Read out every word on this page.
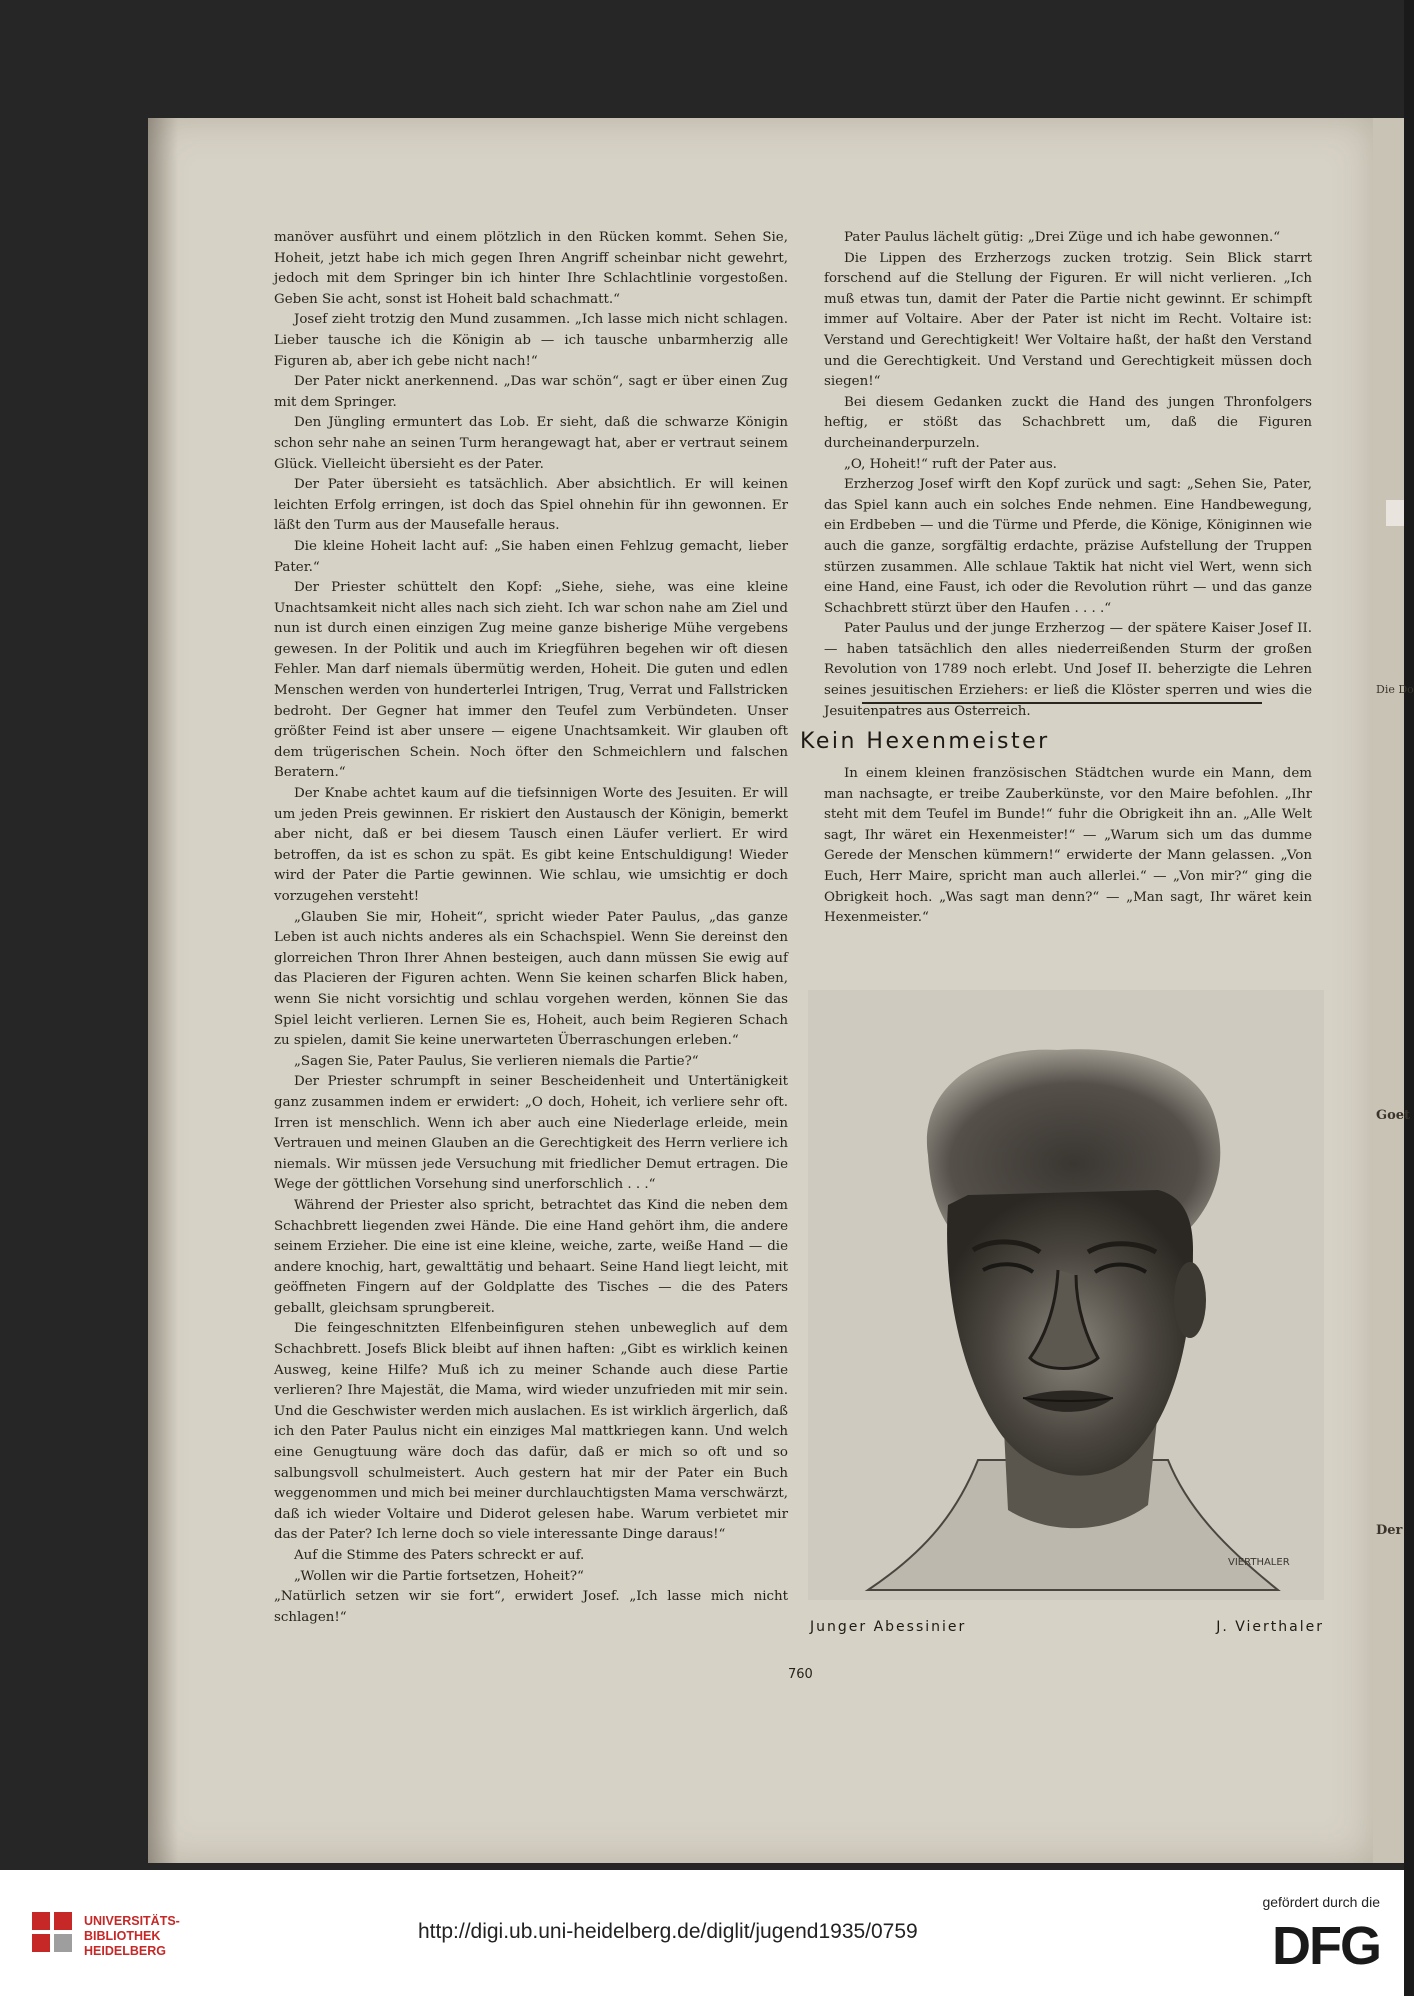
Die Do
Goet
Der

manöver ausführt und einem plötzlich in den Rücken kommt. Sehen Sie, Hoheit, jetzt habe ich mich gegen Ihren Angriff scheinbar nicht gewehrt, jedoch mit dem Springer bin ich hinter Ihre Schlachtlinie vorgestoßen. Geben Sie acht, sonst ist Hoheit bald schachmatt.“

Josef zieht trotzig den Mund zusammen. „Ich lasse mich nicht schlagen. Lieber tausche ich die Königin ab — ich tausche unbarmherzig alle Figuren ab, aber ich gebe nicht nach!“

Der Pater nickt anerkennend. „Das war schön“, sagt er über einen Zug mit dem Springer.

Den Jüngling ermuntert das Lob. Er sieht, daß die schwarze Königin schon sehr nahe an seinen Turm herangewagt hat, aber er vertraut seinem Glück. Vielleicht übersieht es der Pater.

Der Pater übersieht es tatsächlich. Aber absichtlich. Er will keinen leichten Erfolg erringen, ist doch das Spiel ohnehin für ihn gewonnen. Er läßt den Turm aus der Mausefalle heraus.

Die kleine Hoheit lacht auf: „Sie haben einen Fehlzug gemacht, lieber Pater.“

Der Priester schüttelt den Kopf: „Siehe, siehe, was eine kleine Unachtsamkeit nicht alles nach sich zieht. Ich war schon nahe am Ziel und nun ist durch einen einzigen Zug meine ganze bisherige Mühe vergebens gewesen. In der Politik und auch im Kriegführen begehen wir oft diesen Fehler. Man darf niemals übermütig werden, Hoheit. Die guten und edlen Menschen werden von hunderterlei Intrigen, Trug, Verrat und Fallstricken bedroht. Der Gegner hat immer den Teufel zum Verbündeten. Unser größter Feind ist aber unsere — eigene Unachtsamkeit. Wir glauben oft dem trügerischen Schein. Noch öfter den Schmeichlern und falschen Beratern.“

Der Knabe achtet kaum auf die tiefsinnigen Worte des Jesuiten. Er will um jeden Preis gewinnen. Er riskiert den Austausch der Königin, bemerkt aber nicht, daß er bei diesem Tausch einen Läufer verliert. Er wird betroffen, da ist es schon zu spät. Es gibt keine Entschuldigung! Wieder wird der Pater die Partie gewinnen. Wie schlau, wie umsichtig er doch vorzugehen versteht!

„Glauben Sie mir, Hoheit“, spricht wieder Pater Paulus, „das ganze Leben ist auch nichts anderes als ein Schachspiel. Wenn Sie dereinst den glorreichen Thron Ihrer Ahnen besteigen, auch dann müssen Sie ewig auf das Placieren der Figuren achten. Wenn Sie keinen scharfen Blick haben, wenn Sie nicht vorsichtig und schlau vorgehen werden, können Sie das Spiel leicht verlieren. Lernen Sie es, Hoheit, auch beim Regieren Schach zu spielen, damit Sie keine unerwarteten Überraschungen erleben.“

„Sagen Sie, Pater Paulus, Sie verlieren niemals die Partie?“

Der Priester schrumpft in seiner Bescheidenheit und Untertänigkeit ganz zusammen indem er erwidert: „O doch, Hoheit, ich verliere sehr oft. Irren ist menschlich. Wenn ich aber auch eine Niederlage erleide, mein Vertrauen und meinen Glauben an die Gerechtigkeit des Herrn verliere ich niemals. Wir müssen jede Versuchung mit friedlicher Demut ertragen. Die Wege der göttlichen Vorsehung sind unerforschlich . . .“

Während der Priester also spricht, betrachtet das Kind die neben dem Schachbrett liegenden zwei Hände. Die eine Hand gehört ihm, die andere seinem Erzieher. Die eine ist eine kleine, weiche, zarte, weiße Hand — die andere knochig, hart, gewalttätig und behaart. Seine Hand liegt leicht, mit geöffneten Fingern auf der Goldplatte des Tisches — die des Paters geballt, gleichsam sprungbereit.

Die feingeschnitzten Elfenbeinfiguren stehen unbeweglich auf dem Schachbrett. Josefs Blick bleibt auf ihnen haften: „Gibt es wirklich keinen Ausweg, keine Hilfe? Muß ich zu meiner Schande auch diese Partie verlieren? Ihre Majestät, die Mama, wird wieder unzufrieden mit mir sein. Und die Geschwister werden mich auslachen. Es ist wirklich ärgerlich, daß ich den Pater Paulus nicht ein einziges Mal mattkriegen kann. Und welch eine Genugtuung wäre doch das dafür, daß er mich so oft und so salbungsvoll schulmeistert. Auch gestern hat mir der Pater ein Buch weggenommen und mich bei meiner durchlauchtigsten Mama verschwärzt, daß ich wieder Voltaire und Diderot gelesen habe. Warum verbietet mir das der Pater? Ich lerne doch so viele interessante Dinge daraus!“

Auf die Stimme des Paters schreckt er auf.

„Wollen wir die Partie fortsetzen, Hoheit?“

„Natürlich setzen wir sie fort“, erwidert Josef. „Ich lasse mich nicht schlagen!“

Pater Paulus lächelt gütig: „Drei Züge und ich habe gewonnen.“

Die Lippen des Erzherzogs zucken trotzig. Sein Blick starrt forschend auf die Stellung der Figuren. Er will nicht verlieren. „Ich muß etwas tun, damit der Pater die Partie nicht gewinnt. Er schimpft immer auf Voltaire. Aber der Pater ist nicht im Recht. Voltaire ist: Verstand und Gerechtigkeit! Wer Voltaire haßt, der haßt den Verstand und die Gerechtigkeit. Und Verstand und Gerechtigkeit müssen doch siegen!“

Bei diesem Gedanken zuckt die Hand des jungen Thronfolgers heftig, er stößt das Schachbrett um, daß die Figuren durcheinanderpurzeln.

„O, Hoheit!“ ruft der Pater aus.

Erzherzog Josef wirft den Kopf zurück und sagt: „Sehen Sie, Pater, das Spiel kann auch ein solches Ende nehmen. Eine Handbewegung, ein Erdbeben — und die Türme und Pferde, die Könige, Königinnen wie auch die ganze, sorgfältig erdachte, präzise Aufstellung der Truppen stürzen zusammen. Alle schlaue Taktik hat nicht viel Wert, wenn sich eine Hand, eine Faust, ich oder die Revolution rührt — und das ganze Schachbrett stürzt über den Haufen . . . .“

Pater Paulus und der junge Erzherzog — der spätere Kaiser Josef II. — haben tatsächlich den alles niederreißenden Sturm der großen Revolution von 1789 noch erlebt. Und Josef II. beherzigte die Lehren seines jesuitischen Erziehers: er ließ die Klöster sperren und wies die Jesuitenpatres aus Österreich.

Kein Hexenmeister

In einem kleinen französischen Städtchen wurde ein Mann, dem man nachsagte, er treibe Zauberkünste, vor den Maire befohlen. „Ihr steht mit dem Teufel im Bunde!“ fuhr die Obrigkeit ihn an. „Alle Welt sagt, Ihr wäret ein Hexenmeister!“ — „Warum sich um das dumme Gerede der Menschen kümmern!“ erwiderte der Mann gelassen. „Von Euch, Herr Maire, spricht man auch allerlei.“ — „Von mir?“ ging die Obrigkeit hoch. „Was sagt man denn?“ — „Man sagt, Ihr wäret kein Hexenmeister.“

VIERTHALER
Junger Abessinier	J. Vierthaler
760
UNIVERSITÄTS-
BIBLIOTHEK
HEIDELBERG
http://digi.ub.uni-heidelberg.de/diglit/jugend1935/0759
gefördert durch die
DFG
